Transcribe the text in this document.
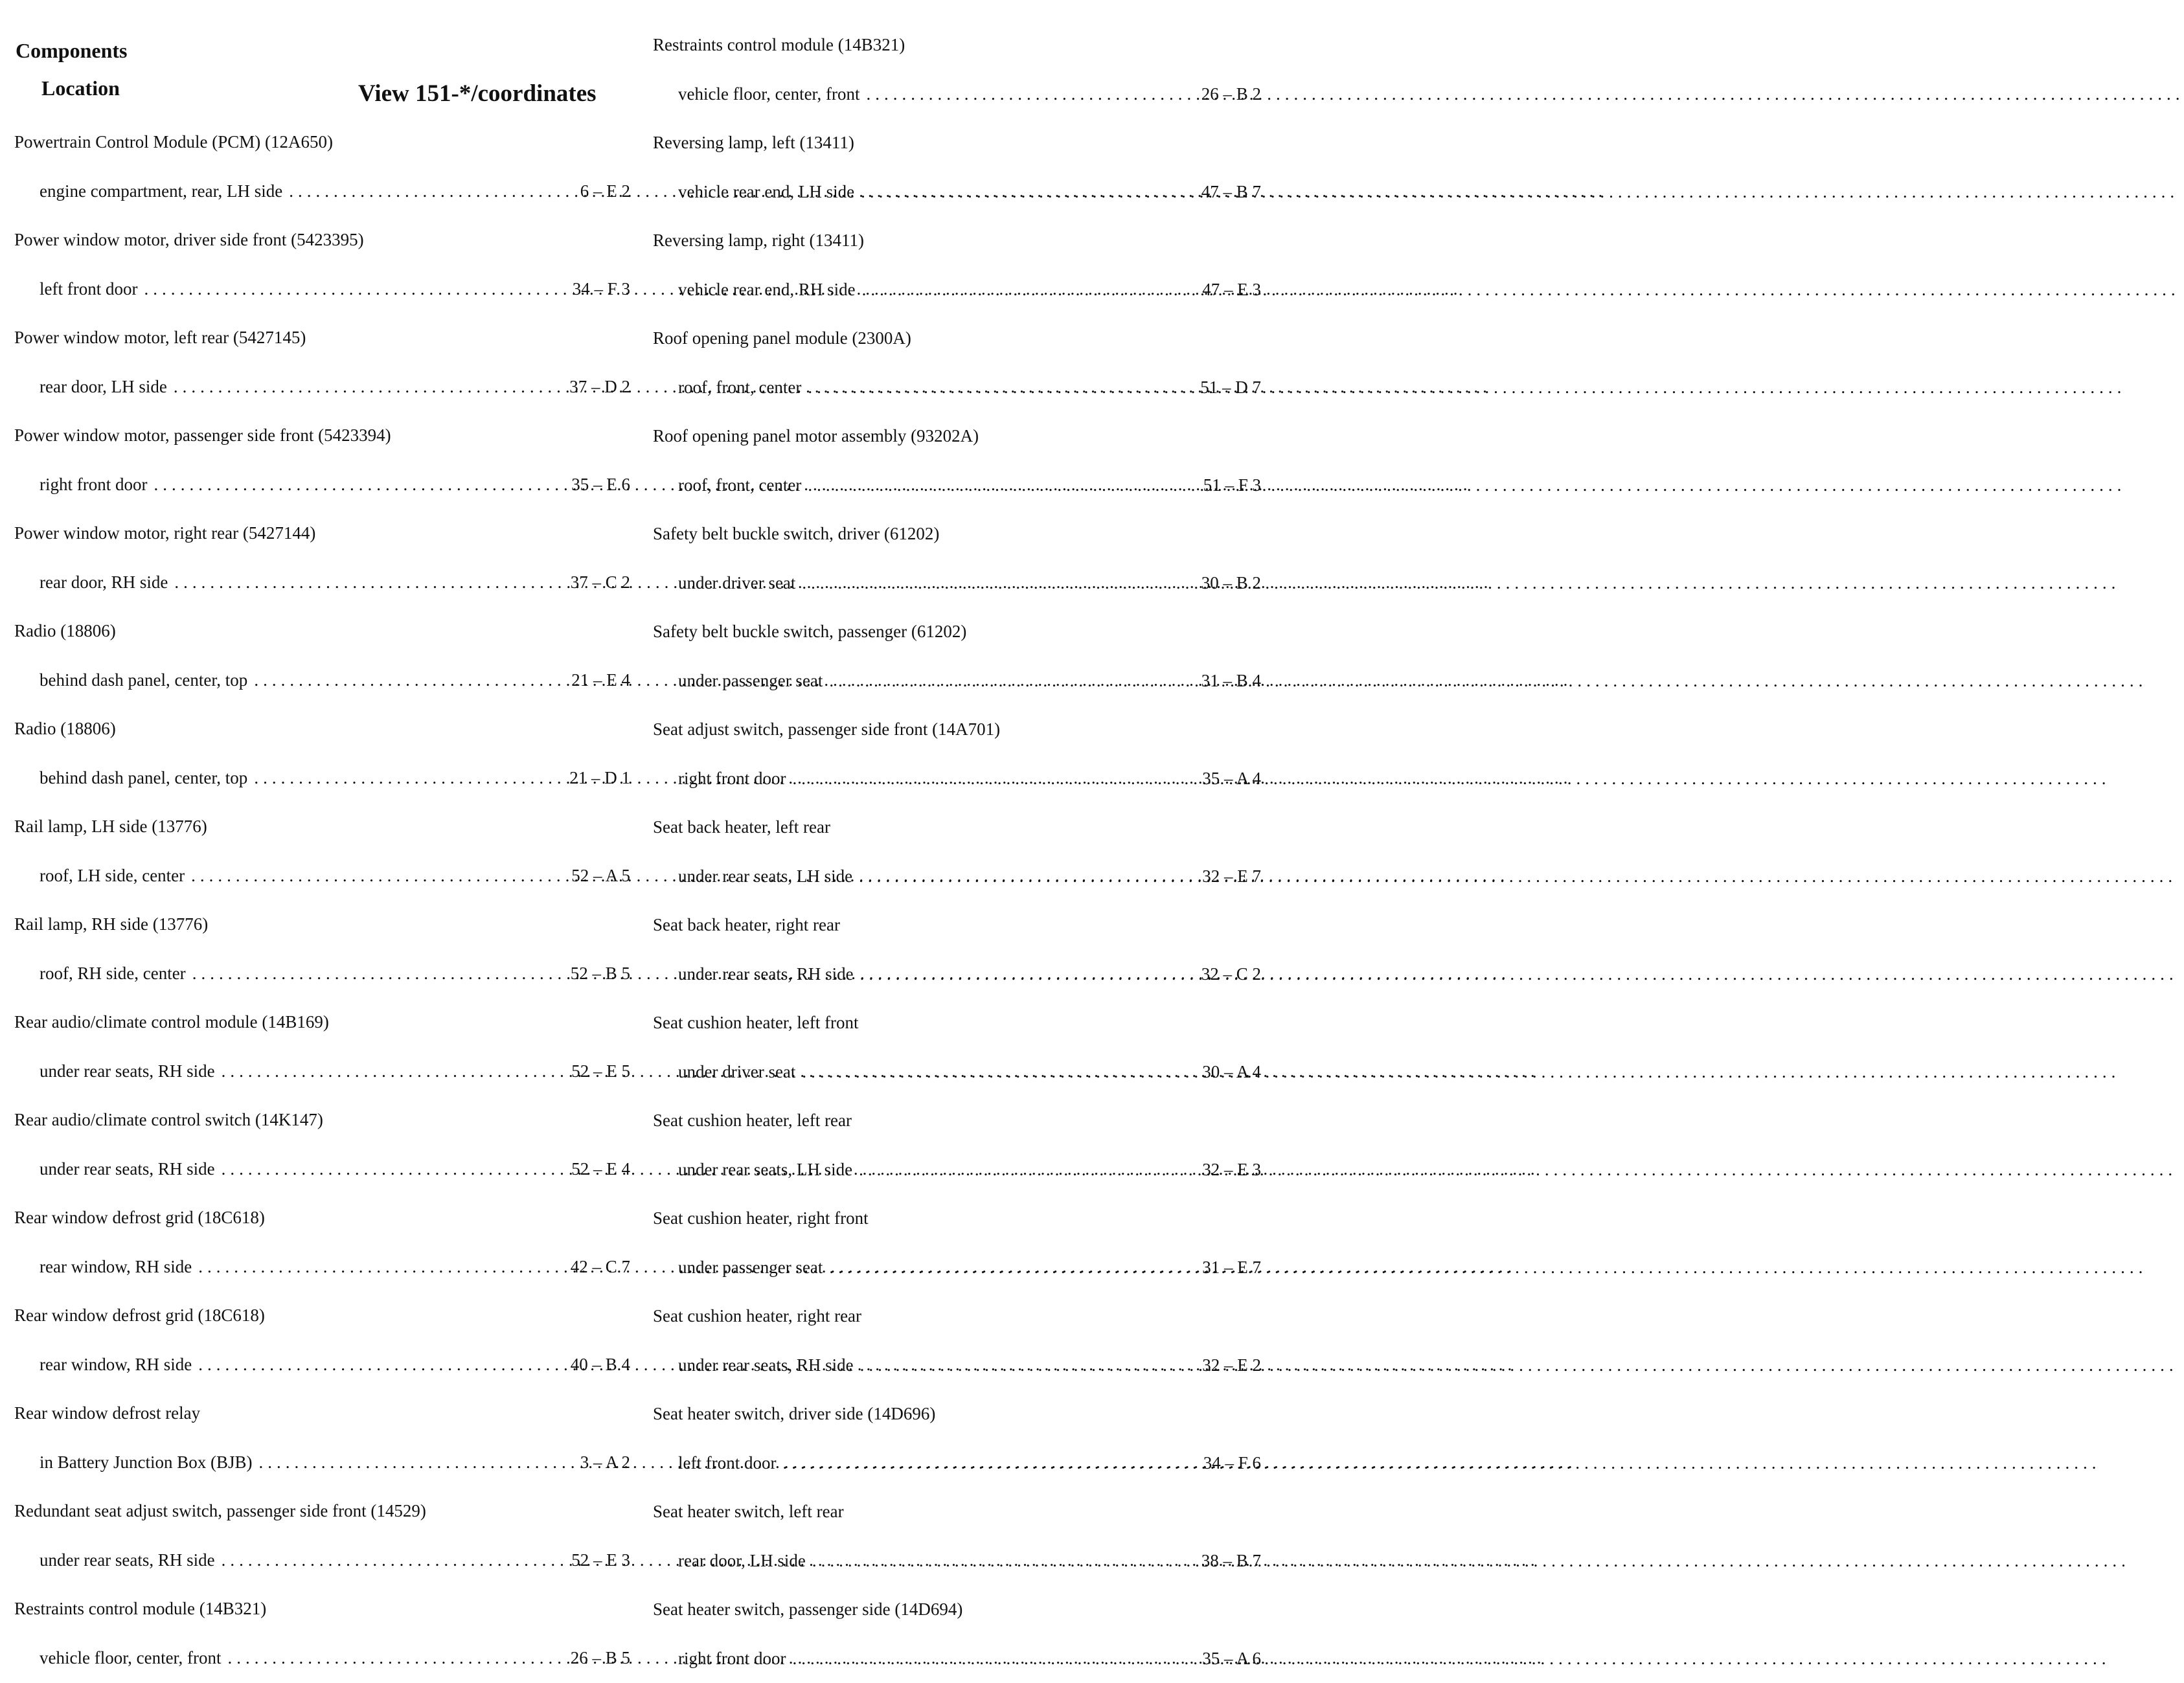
Components
Location	View 151-*/coordinates
Powertrain Control Module (PCM) (12A650)
engine compartment, rear, LH side .....	6 – E 2
Power window motor, driver side front (5423395)
left front door .....	34 – F 3
Power window motor, left rear (5427145)
rear door, LH side .....	37 – D 2
Power window motor, passenger side front (5423394)
right front door .....	35 – E 6
Power window motor, right rear (5427144)
rear door, RH side .....	37 – C 2
Radio (18806)
behind dash panel, center, top .....	21 – E 4
Radio (18806)
behind dash panel, center, top .....	21 – D 1
Rail lamp, LH side (13776)
roof, LH side, center .....	52 – A 5
Rail lamp, RH side (13776)
roof, RH side, center .....	52 – B 5
Rear audio/climate control module (14B169)
under rear seats, RH side .....	52 – E 5
Rear audio/climate control switch (14K147)
under rear seats, RH side .....	52 – E 4
Rear window defrost grid (18C618)
rear window, RH side .....	42 – C 7
Rear window defrost grid (18C618)
rear window, RH side .....	40 – B 4
Rear window defrost relay
in Battery Junction Box (BJB) .....	3 – A 2
Redundant seat adjust switch, passenger side front (14529)
under rear seats, RH side .....	52 – E 3
Restraints control module (14B321)
vehicle floor, center, front .....	26 – B 5
Restraints control module (14B321)
vehicle floor, center, front .....	26 – B 2
Reversing lamp, left (13411)
vehicle rear end, LH side .....	47 – B 7
Reversing lamp, right (13411)
vehicle rear end, RH side .....	47 – E 3
Roof opening panel module (2300A)
roof, front, center .....	51 – D 7
Roof opening panel motor assembly (93202A)
roof, front, center .....	51 – F 3
Safety belt buckle switch, driver (61202)
under driver seat .....	30 – B 2
Safety belt buckle switch, passenger (61202)
under passenger seat .....	31 – B 4
Seat adjust switch, passenger side front (14A701)
right front door .....	35 – A 4
Seat back heater, left rear
under rear seats, LH side .....	32 – E 7
Seat back heater, right rear
under rear seats, RH side .....	32 – C 2
Seat cushion heater, left front
under driver seat .....	30 – A 4
Seat cushion heater, left rear
under rear seats, LH side .....	32 – E 3
Seat cushion heater, right front
under passenger seat .....	31 – E 7
Seat cushion heater, right rear
under rear seats, RH side .....	32 – E 2
Seat heater switch, driver side (14D696)
left front door .....	34 – F 6
Seat heater switch, left rear
rear door, LH side .....	38 – B 7
Seat heater switch, passenger side (14D694)
right front door .....	35 – A 6
